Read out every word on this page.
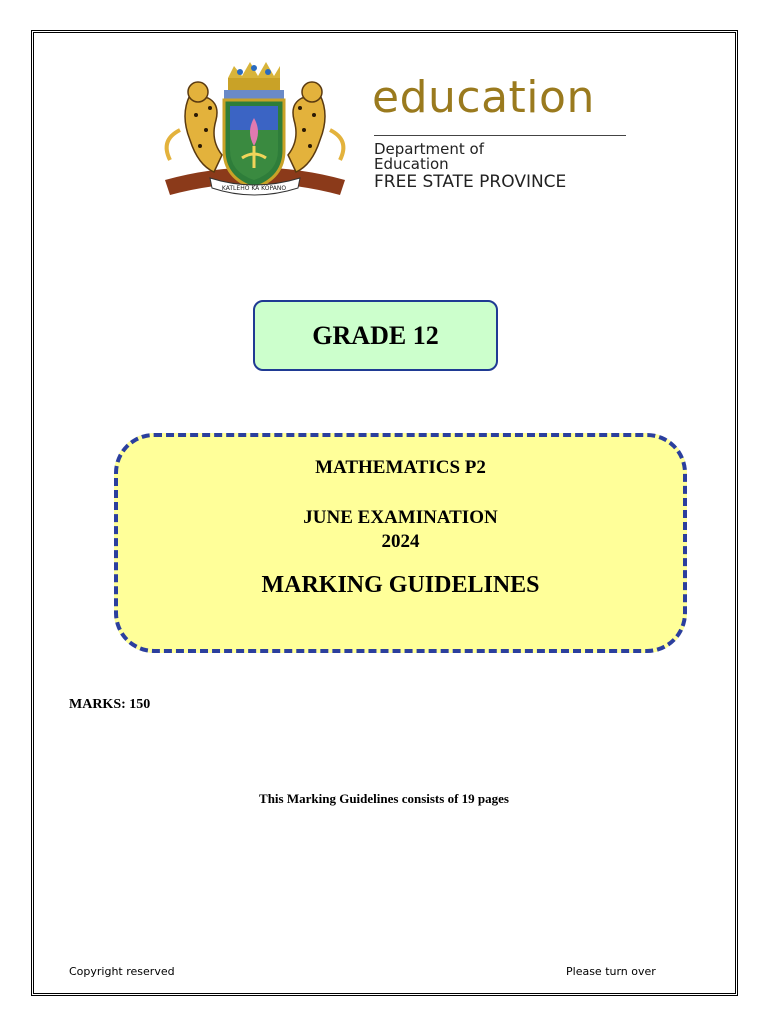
KATLEHO KA KOPANO
education
Department of
Education
FREE STATE PROVINCE
GRADE 12
MATHEMATICS P2
JUNE EXAMINATION
2024
MARKING GUIDELINES
MARKS: 150
This Marking Guidelines consists of 19 pages
Copyright reserved	Please turn over
